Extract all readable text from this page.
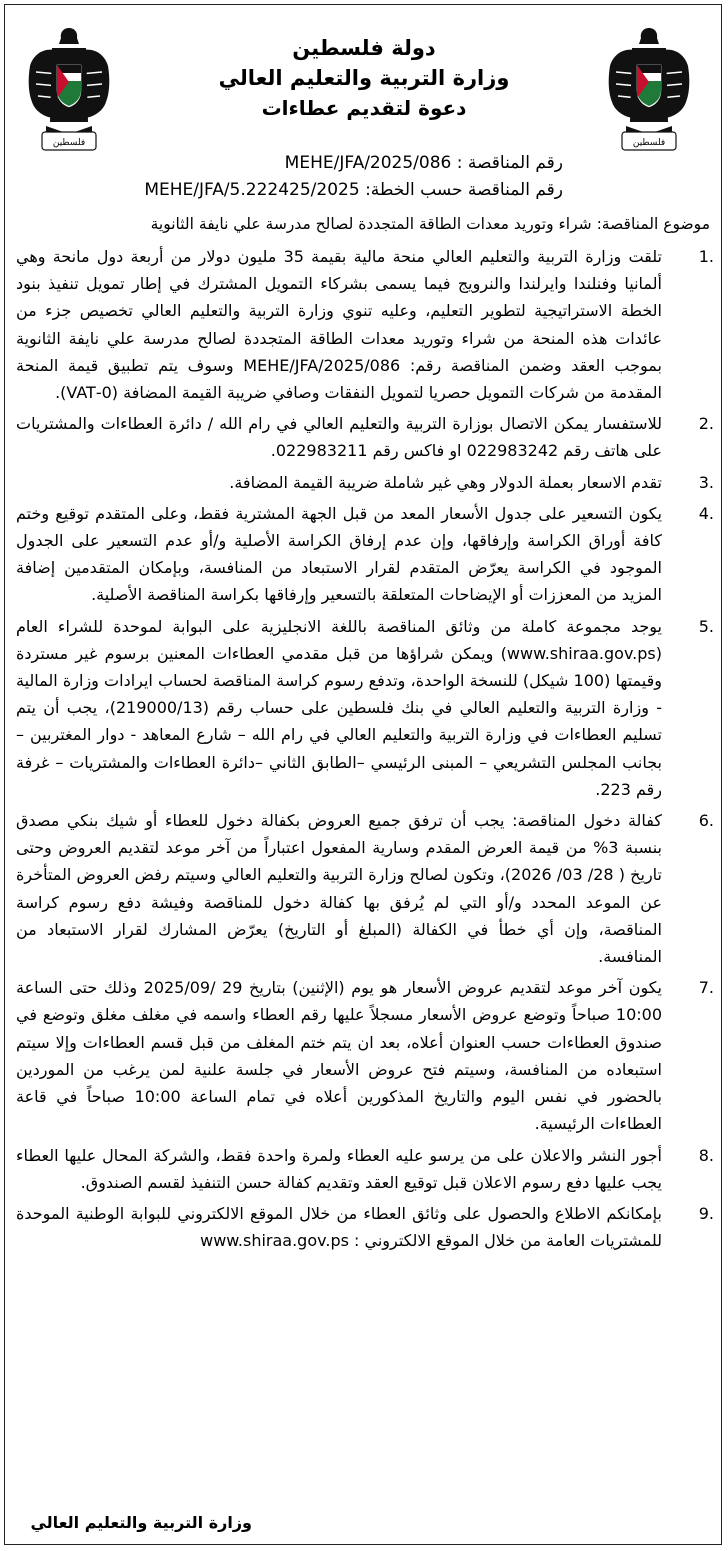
فلسطين
فلسطين
دولة فلسطين
وزارة التربية والتعليم العالي
دعوة لتقديم عطاءات
رقم المناقصة : MEHE/JFA/2025/086
رقم المناقصة حسب الخطة: MEHE/JFA/5.222425/2025
موضوع المناقصة: شراء وتوريد معدات الطاقة المتجددة لصالح مدرسة علي نايفة الثانوية
1.
تلقت وزارة التربية والتعليم العالي منحة مالية بقيمة 35 مليون دولار من أربعة دول مانحة وهي ألمانيا وفنلندا وايرلندا والنرويج فيما يسمى بشركاء التمويل المشترك في إطار تمويل تنفيذ بنود الخطة الاستراتيجية لتطوير التعليم، وعليه تنوي وزارة التربية والتعليم العالي تخصيص جزء من عائدات هذه المنحة من شراء وتوريد معدات الطاقة المتجددة لصالح مدرسة علي نايفة الثانوية بموجب العقد وضمن المناقصة رقم: 086/MEHE/JFA/2025 وسوف يتم تطبيق قيمة المنحة المقدمة من شركات التمويل حصريا لتمويل النفقات وصافي ضريبة القيمة المضافة (0-VAT).
2.
للاستفسار يمكن الاتصال بوزارة التربية والتعليم العالي في رام الله / دائرة العطاءات والمشتريات على هاتف رقم 022983242 او فاكس رقم 022983211.
3.
تقدم الاسعار بعملة الدولار وهي غير شاملة ضريبة القيمة المضافة.
4.
يكون التسعير على جدول الأسعار المعد من قبل الجهة المشترية فقط، وعلى المتقدم توقيع وختم كافة أوراق الكراسة وإرفاقها، وإن عدم إرفاق الكراسة الأصلية و/أو عدم التسعير على الجدول الموجود في الكراسة يعرّض المتقدم لقرار الاستبعاد من المنافسة، وبإمكان المتقدمين إضافة المزيد من المعززات أو الإيضاحات المتعلقة بالتسعير وإرفاقها بكراسة المناقصة الأصلية.
5.
يوجد مجموعة كاملة من وثائق المناقصة باللغة الانجليزية على البوابة لموحدة للشراء العام (www.shiraa.gov.ps) ويمكن شراؤها من قبل مقدمي العطاءات المعنين برسوم غير مستردة وقيمتها (100 شيكل) للنسخة الواحدة، وتدفع رسوم كراسة المناقصة لحساب ايرادات وزارة المالية - وزارة التربية والتعليم العالي في بنك فلسطين على حساب رقم (219000/13)، يجب أن يتم تسليم العطاءات في وزارة التربية والتعليم العالي في رام الله – شارع المعاهد - دوار المغتربين – بجانب المجلس التشريعي – المبنى الرئيسي –الطابق الثاني –دائرة العطاءات والمشتريات – غرفة رقم 223.
6.
كفالة دخول المناقصة: يجب أن ترفق جميع العروض بكفالة دخول للعطاء أو شيك بنكي مصدق بنسبة 3% من قيمة العرض المقدم وسارية المفعول اعتباراً من آخر موعد لتقديم العروض وحتى تاريخ ( 28/ 03/ 2026)، وتكون لصالح وزارة التربية والتعليم العالي وسيتم رفض العروض المتأخرة عن الموعد المحدد و/أو التي لم يُرفق بها كفالة دخول للمناقصة وفيشة دفع رسوم كراسة المناقصة، وإن أي خطأ في الكفالة (المبلغ أو التاريخ) يعرّض المشارك لقرار الاستبعاد من المنافسة.
7.
يكون آخر موعد لتقديم عروض الأسعار هو يوم (الإثنين) بتاريخ 29 /2025/09 وذلك حتى الساعة 10:00 صباحاً وتوضع عروض الأسعار مسجلاً عليها رقم العطاء واسمه في مغلف مغلق وتوضع في صندوق العطاءات حسب العنوان أعلاه، بعد ان يتم ختم المغلف من قبل قسم العطاءات وإلا سيتم استبعاده من المنافسة، وسيتم فتح عروض الأسعار في جلسة علنية لمن يرغب من الموردين بالحضور في نفس اليوم والتاريخ المذكورين أعلاه في تمام الساعة 10:00 صباحاً في قاعة العطاءات الرئيسية.
8.
أجور النشر والاعلان على من يرسو عليه العطاء ولمرة واحدة فقط، والشركة المحال عليها العطاء يجب عليها دفع رسوم الاعلان قبل توقيع العقد وتقديم كفالة حسن التنفيذ لقسم الصندوق.
9.
بإمكانكم الاطلاع والحصول على وثائق العطاء من خلال الموقع الالكتروني للبوابة الوطنية الموحدة للمشتريات العامة من خلال الموقع الالكتروني : www.shiraa.gov.ps
وزارة التربية والتعليم العالي
